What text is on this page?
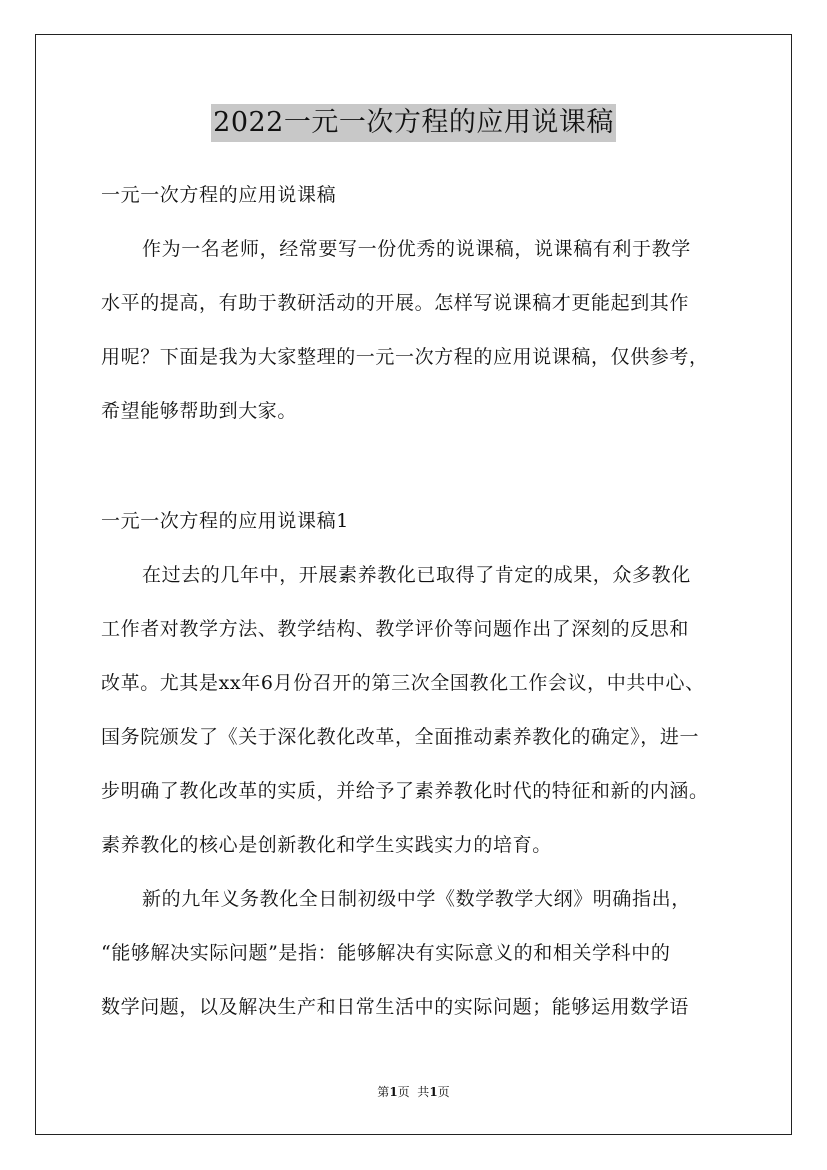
2022一元一次方程的应用说课稿
一元一次方程的应用说课稿
作为一名老师，经常要写一份优秀的说课稿，说课稿有利于教学
水平的提高，有助于教研活动的开展。怎样写说课稿才更能起到其作
用呢？下面是我为大家整理的一元一次方程的应用说课稿，仅供参考，
希望能够帮助到大家。
一元一次方程的应用说课稿1
在过去的几年中，开展素养教化已取得了肯定的成果，众多教化
工作者对教学方法、教学结构、教学评价等问题作出了深刻的反思和
改革。尤其是xx年6月份召开的第三次全国教化工作会议，中共中心、
国务院颁发了《关于深化教化改革，全面推动素养教化的确定》，进一
步明确了教化改革的实质，并给予了素养教化时代的特征和新的内涵。
素养教化的核心是创新教化和学生实践实力的培育。
新的九年义务教化全日制初级中学《数学教学大纲》明确指出，
“能够解决实际问题”是指：能够解决有实际意义的和相关学科中的
数学问题，以及解决生产和日常生活中的实际问题；能够运用数学语
第1页  共1页
